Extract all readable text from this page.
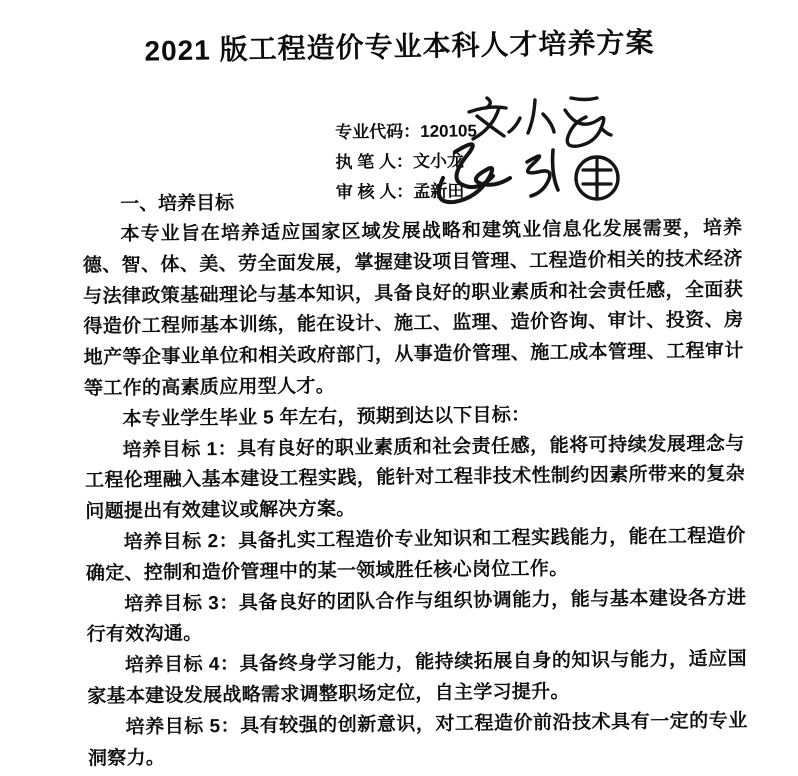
2021 版工程造价专业本科人才培养方案

专业代码：120105

执 笔 人：文小龙

审 核 人：孟新田

一、培养目标

本专业旨在培养适应国家区域发展战略和建筑业信息化发展需要，培养德、智、体、美、劳全面发展，掌握建设项目管理、工程造价相关的技术经济与法律政策基础理论与基本知识，具备良好的职业素质和社会责任感，全面获得造价工程师基本训练，能在设计、施工、监理、造价咨询、审计、投资、房地产等企事业单位和相关政府部门，从事造价管理、施工成本管理、工程审计等工作的高素质应用型人才。

本专业学生毕业 5 年左右，预期到达以下目标：

培养目标 1：具有良好的职业素质和社会责任感，能将可持续发展理念与工程伦理融入基本建设工程实践，能针对工程非技术性制约因素所带来的复杂问题提出有效建议或解决方案。

培养目标 2：具备扎实工程造价专业知识和工程实践能力，能在工程造价确定、控制和造价管理中的某一领域胜任核心岗位工作。

培养目标 3：具备良好的团队合作与组织协调能力，能与基本建设各方进行有效沟通。

培养目标 4：具备终身学习能力，能持续拓展自身的知识与能力，适应国家基本建设发展战略需求调整职场定位，自主学习提升。

培养目标 5：具有较强的创新意识，对工程造价前沿技术具有一定的专业洞察力。
